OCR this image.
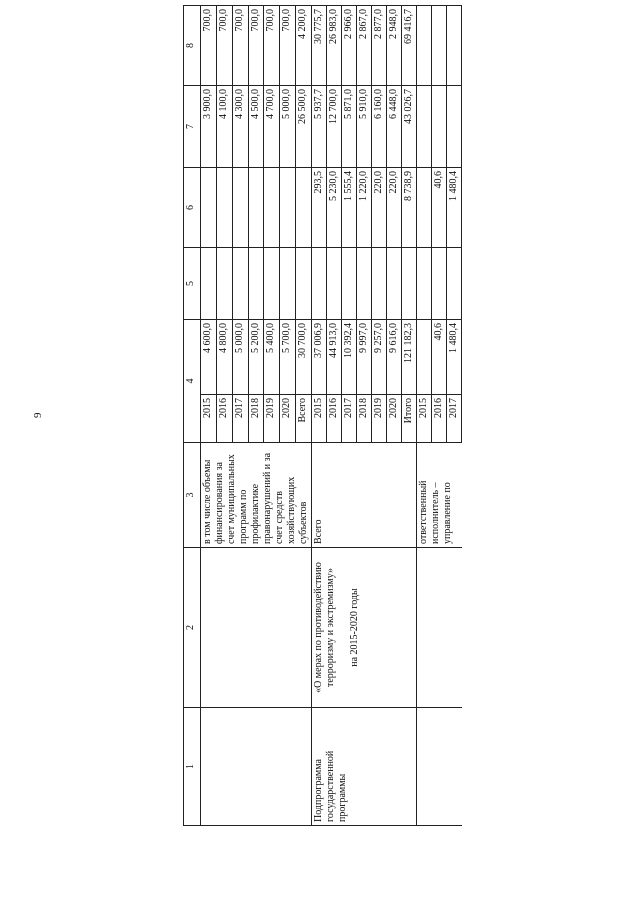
9
1	2	3	4		5	6	7	8
		в том числе объемы финансирования за счет муниципальных программ по профилактике правонарушений и за счет средств хозяйствующих субъектов	2015	4 600,0			3 900,0	700,0
			2016	4 800,0			4 100,0	700,0
			2017	5 000,0			4 300,0	700,0
			2018	5 200,0			4 500,0	700,0
			2019	5 400,0			4 700,0	700,0
			2020	5 700,0			5 000,0	700,0
			Всего	30 700,0			26 500,0	4 200,0
Подпрограмма государственной программы	«О мерах по противодействию терроризму и экстремизму» на 2015-2020 годы	Всего	2015	37 006,9		293,5	5 937,7	30 775,7
			2016	44 913,0		5 230,0	12 700,0	26 983,0
			2017	10 392,4		1 555,4	5 871,0	2 966,0
			2018	9 997,0		1 220,0	5 910,0	2 867,0
			2019	9 257,0		220,0	6 160,0	2 877,0
			2020	9 616,0		220,0	6 448,0	2 948,0
			Итого	121 182,3		8 738,9	43 026,7	69 416,7
		ответственный исполнитель – управление по	2015					
			2016	40,6		40,6		
			2017	1 480,4		1 480,4		
